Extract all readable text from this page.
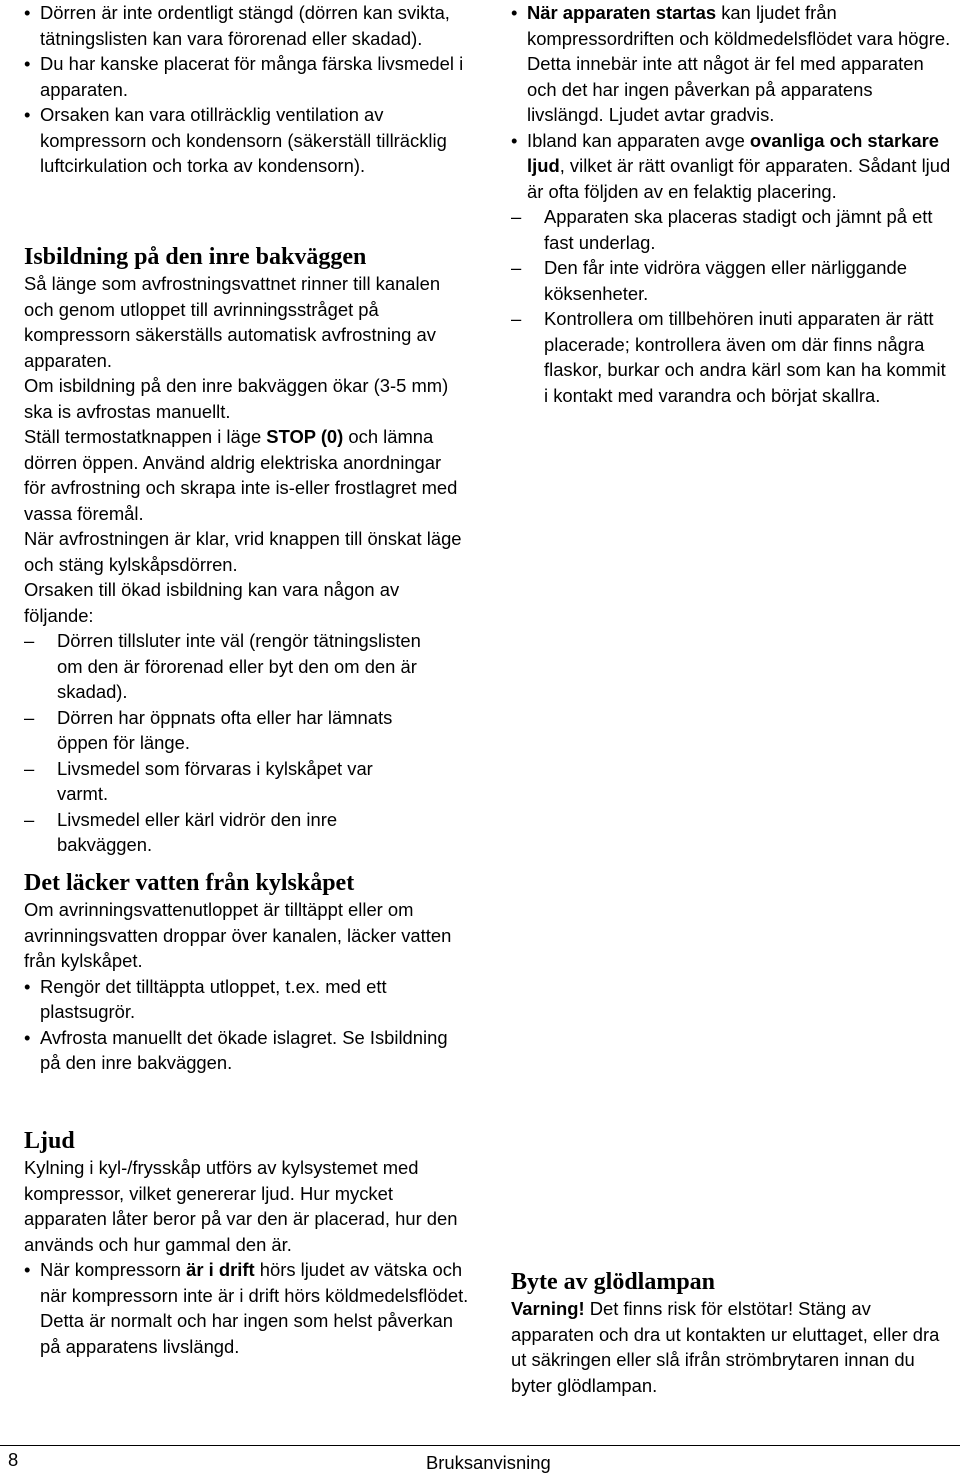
• Dörren är inte ordentligt stängd (dörren kan svikta, tätningslisten kan vara förorenad eller skadad).
• Du har kanske placerat för många färska livsmedel i apparaten.
• Orsaken kan vara otillräcklig ventilation av kompressorn och kondensorn (säkerställ tillräcklig luftcirkulation och torka av kondensorn).
Isbildning på den inre bakväggen

Så länge som avfrostningsvattnet rinner till kanalen och genom utloppet till avrinningsstråget på kompressorn säkerställs automatisk avfrostning av apparaten.

Om isbildning på den inre bakväggen ökar (3-5 mm) ska is avfrostas manuellt.

Ställ termostatknappen i läge STOP (0) och lämna dörren öppen. Använd aldrig elektriska anordningar för avfrostning och skrapa inte is-eller frostlagret med vassa föremål.

När avfrostningen är klar, vrid knappen till önskat läge och stäng kylskåpsdörren.

Orsaken till ökad isbildning kan vara någon av följande:

– Dörren tillsluter inte väl (rengör tätningslisten om den är förorenad eller byt den om den är skadad).
– Dörren har öppnats ofta eller har lämnats öppen för länge.
– Livsmedel som förvaras i kylskåpet var varmt.
– Livsmedel eller kärl vidrör den inre bakväggen.
Det läcker vatten från kylskåpet

Om avrinningsvattenutloppet är tilltäppt eller om avrinningsvatten droppar över kanalen, läcker vatten från kylskåpet.

• Rengör det tilltäppta utloppet, t.ex. med ett plastsugrör.
• Avfrosta manuellt det ökade islagret. Se Isbildning på den inre bakväggen.
• När apparaten startas kan ljudet från kompressordriften och köldmedelsflödet vara högre. Detta innebär inte att något är fel med apparaten och det har ingen påverkan på apparatens livslängd. Ljudet avtar gradvis.
• Ibland kan apparaten avge ovanliga och starkare ljud, vilket är rätt ovanligt för apparaten. Sådant ljud är ofta följden av en felaktig placering.
– Apparaten ska placeras stadigt och jämnt på ett fast underlag.
– Den får inte vidröra väggen eller närliggande köksenheter.
– Kontrollera om tillbehören inuti apparaten är rätt placerade; kontrollera även om där finns några flaskor, burkar och andra kärl som kan ha kommit i kontakt med varandra och börjat skallra.
Ljud

Kylning i kyl-/frysskåp utförs av kylsystemet med kompressor, vilket genererar ljud. Hur mycket apparaten låter beror på var den är placerad, hur den används och hur gammal den är.

• När kompressorn är i drift hörs ljudet av vätska och när kompressorn inte är i drift hörs köldmedelsflödet. Detta är normalt och har ingen som helst påverkan på apparatens livslängd.
Byte av glödlampan

Varning! Det finns risk för elstötar! Stäng av apparaten och dra ut kontakten ur eluttaget, eller dra ut säkringen eller slå ifrån strömbrytaren innan du byter glödlampan.

8	Bruksanvisning
